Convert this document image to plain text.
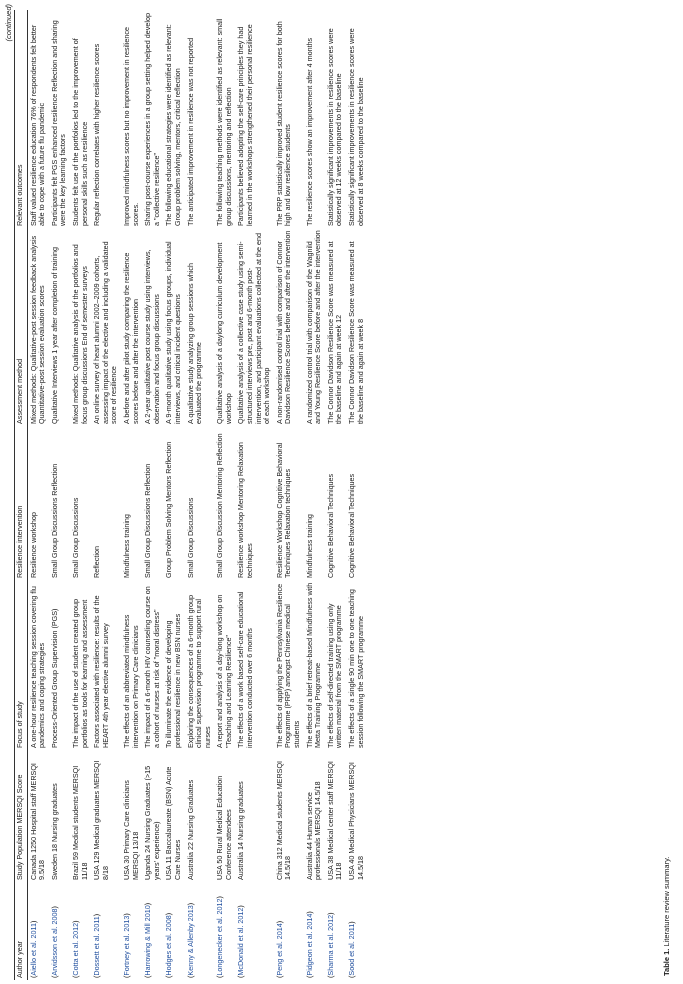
(continued)
Author year	Study Population MERSQI Score	Focus of study	Resilience intervention	Assessment method	Relevant outcomes
(Aiello et al. 2011)	Canada 1250 Hospital staff MERSQI 9.5/18	A one-hour resilience teaching session covering flu pandemics and coping strategies	Resilience workshop	Mixed methods: Qualitative-post session feedback analysis Quantitative-post session evaluation scores	Staff valued resilience education 76% of respondents felt better able to cope with a future flu pandemic
(Arvidsson et al. 2008)	Sweden 18 Nursing graduates	Process-Oriented Group Supervision (PGS)	Small Group Discussions Reflection	Qualitative Interviews 1 year after completion of training	Participants felt PGS enhanced resilience Reflection and sharing were the key learning factors
(Cotta et al. 2012)	Brazil 59 Medical students MERSQI 11/18	The impact of the use of student created group portfolios as tools for learning and assessment	Small Group Discussions	Mixed methods: Qualitative analysis of the portfolios and focus group discussions End of semester surveys	Students felt use of the portfolios led to the improvement of personal skills such as resilience
(Dossett et al. 2011)	USA 129 Medical graduates MERSQI 8/18	Factors associated with resilience: results of the HEART 4th year elective alumni survey	Reflection	An online survey of heart alumni 2002–2009 cohorts, assessing impact of the elective and including a validated score of resilience	Regular reflection correlates with higher resilience scores
(Fortney et al. 2013)	USA 30 Primary Care clinicians MERSQI 13/18	The effects of an abbreviated mindfulness intervention on Primary Care clinicians	Mindfulness training	A before and after pilot study comparing the resilience scores before and after the intervention	Improved mindfulness scores but no improvement in resilience scores.
(Harrowing & Mill 2010)	Uganda 24 Nursing Graduates (>15 years' experience)	The impact of a 6-month HIV counseling course on a cohort of nurses at risk of "moral distress"	Small Group Discussions Reflection	A 2-year qualitative post course study using interviews, observation and focus group discussions	Sharing post-course experiences in a group setting helped develop a "collective resilience"
(Hodges et al. 2008)	USA 11 Baccalaureate (BSN) Acute Care Nurses	To illuminate the evidence of developing professional resilience in new BSN nurses	Group Problem Solving Mentors Reflection	A 9-month qualitative study using focus groups, individual interviews, and critical incident questions	The following educational strategies were identified as relevant: Group problem solving, mentors, critical reflection
(Kenny & Allenby 2013)	Australia 22 Nursing Graduates	Exploring the consequences of a 6-month group clinical supervision programme to support rural nurses	Small Group Discussions	A qualitative study analyzing group sessions which evaluated the programme	The anticipated improvement in resilience was not reported
(Longenecker et al. 2012)	USA 50 Rural Medical Education Conference attendees	A report and analysis of a day-long workshop on "Teaching and Learning Resilience"	Small Group Discussion Mentoring Reflection	Qualitative analysis of a daylong curriculum development workshop	The following teaching methods were identified as relevant: small group discussions, mentoring and reflection
(McDonald et al. 2012)	Australia 14 Nursing graduates	The effects of a work based self-care educational intervention conducted over 6 months	Resilience workshop Mentoring Relaxation techniques	Qualitative analysis of a collective case study using semi-structured interviews pre, post and 6-month post-intervention, and participant evaluations collected at the end of each workshop	Participants believed adopting the self-care principles they had learned in the workshops strengthened their personal resilience
(Peng et al. 2014)	China 312 Medical students MERSQI 14.5/18	The effects of applying the Pennsylvania Resilience Programme (PRP) amongst Chinese medical students	Resilience Workshop Cognitive Behavioral Techniques Relaxation techniques	A non-randomised control trial with comparison of Connor Davidson Resilience Scores before and after the intervention	The PRP statistically improved student resilience scores for both high and low resilience students
(Pidgeon et al. 2014)	Australia 44 Human service professionals MERSQI 14.5/18	The effects of a brief retreat-based Mindfulness with Metta Training Programme	Mindfulness training	A randomized control trial with comparison of the Wagnild and Young Resilience Score before and after the intervention	The resilience scores show an improvement after 4 months
(Sharma et al. 2012)	USA 38 Medical center staff MERSQI 11/18	The effects of self-directed training using only written material from the SMART programme	Cognitive Behavioral Techniques	The Connor Davidson Resilience Score was measured at the baseline and again at week 12	Statistically significant improvements in resilience scores were observed at 12 weeks compared to the baseline
(Sood et al. 2011)	USA 40 Medical Physicians MERSQI 14.5/18	The effects of a single 90 min one to one teaching session following the SMART programme	Cognitive Behavioral Techniques	The Connor Davidson Resilience Score was measured at the baseline and again at week 8	Statistically significant improvements in resilience scores were observed at 8 weeks compared to the baseline
Table 1. Literature review summary.
